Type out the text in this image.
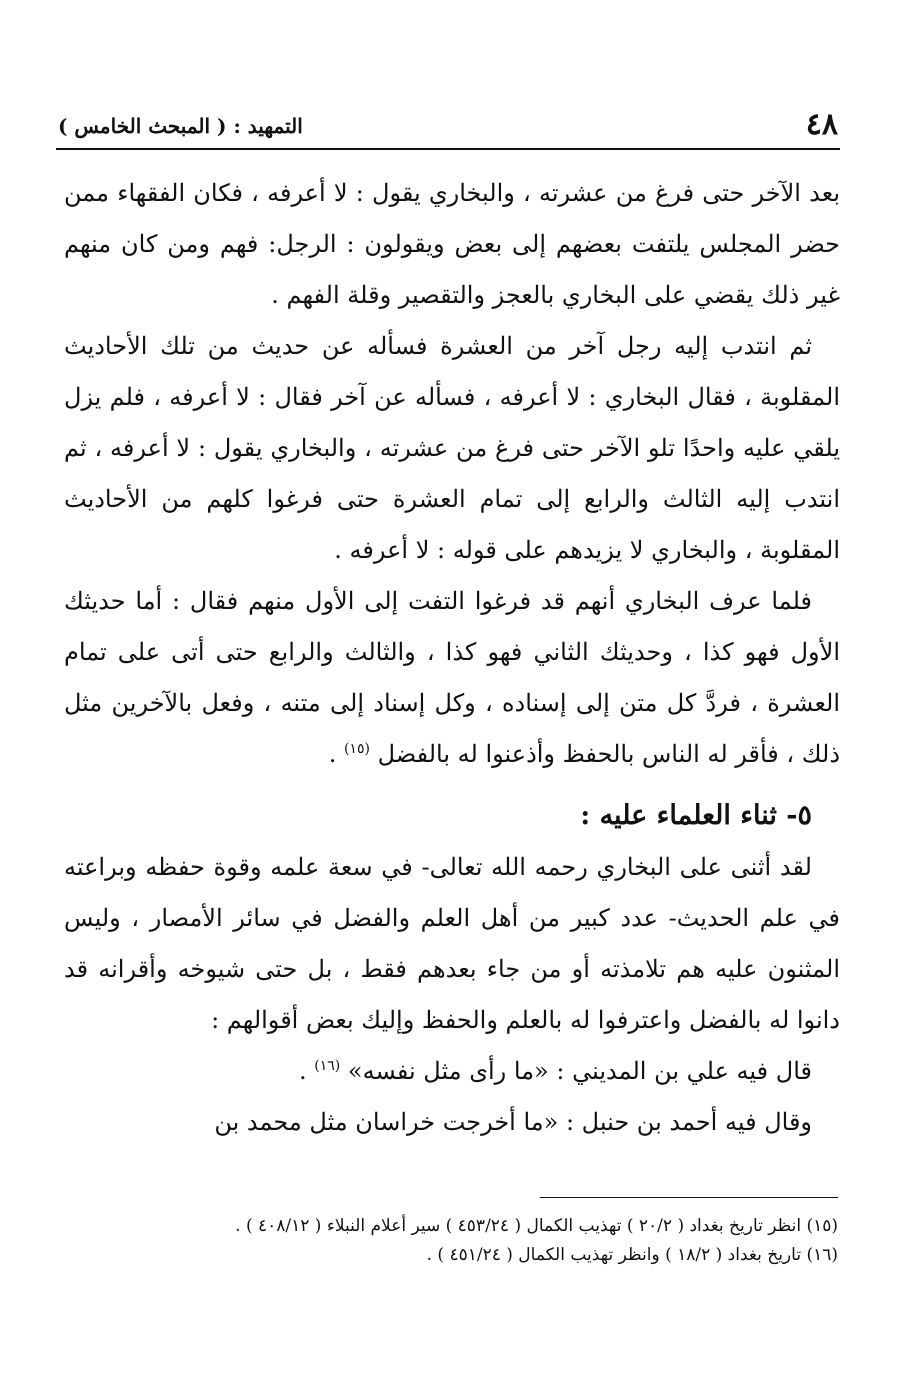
٤٨
التمهيد : ( المبحث الخامس )

بعد الآخر حتى فرغ من عشرته ، والبخاري يقول : لا أعرفه ، فكان الفقهاء ممن حضر المجلس يلتفت بعضهم إلى بعض ويقولون : الرجل: فهم ومن كان منهم غير ذلك يقضي على البخاري بالعجز والتقصير وقلة الفهم .

ثم انتدب إليه رجل آخر من العشرة فسأله عن حديث من تلك الأحاديث المقلوبة ، فقال البخاري : لا أعرفه ، فسأله عن آخر فقال : لا أعرفه ، فلم يزل يلقي عليه واحدًا تلو الآخر حتى فرغ من عشرته ، والبخاري يقول : لا أعرفه ، ثم انتدب إليه الثالث والرابع إلى تمام العشرة حتى فرغوا كلهم من الأحاديث المقلوبة ، والبخاري لا يزيدهم على قوله : لا أعرفه .

فلما عرف البخاري أنهم قد فرغوا التفت إلى الأول منهم فقال : أما حديثك الأول فهو كذا ، وحديثك الثاني فهو كذا ، والثالث والرابع حتى أتى على تمام العشرة ، فردَّ كل متن إلى إسناده ، وكل إسناد إلى متنه ، وفعل بالآخرين مثل ذلك ، فأقر له الناس بالحفظ وأذعنوا له بالفضل $^{(١٥)}$ .

٥- ثناء العلماء عليه :

لقد أثنى على البخاري رحمه الله تعالى- في سعة علمه وقوة حفظه وبراعته في علم الحديث- عدد كبير من أهل العلم والفضل في سائر الأمصار ، وليس المثنون عليه هم تلامذته أو من جاء بعدهم فقط ، بل حتى شيوخه وأقرانه قد دانوا له بالفضل واعترفوا له بالعلم والحفظ وإليك بعض أقوالهم :

قال فيه علي بن المديني : «ما رأى مثل نفسه» $^{(١٦)}$ .

وقال فيه أحمد بن حنبل : «ما أخرجت خراسان مثل محمد بن

(١٥) انظر تاريخ بغداد ( ٢٠/٢ ) تهذيب الكمال ( ٤٥٣/٢٤ ) سير أعلام النبلاء ( ٤٠٨/١٢ ) .

(١٦) تاريخ بغداد ( ١٨/٢ ) وانظر تهذيب الكمال ( ٤٥١/٢٤ ) .
